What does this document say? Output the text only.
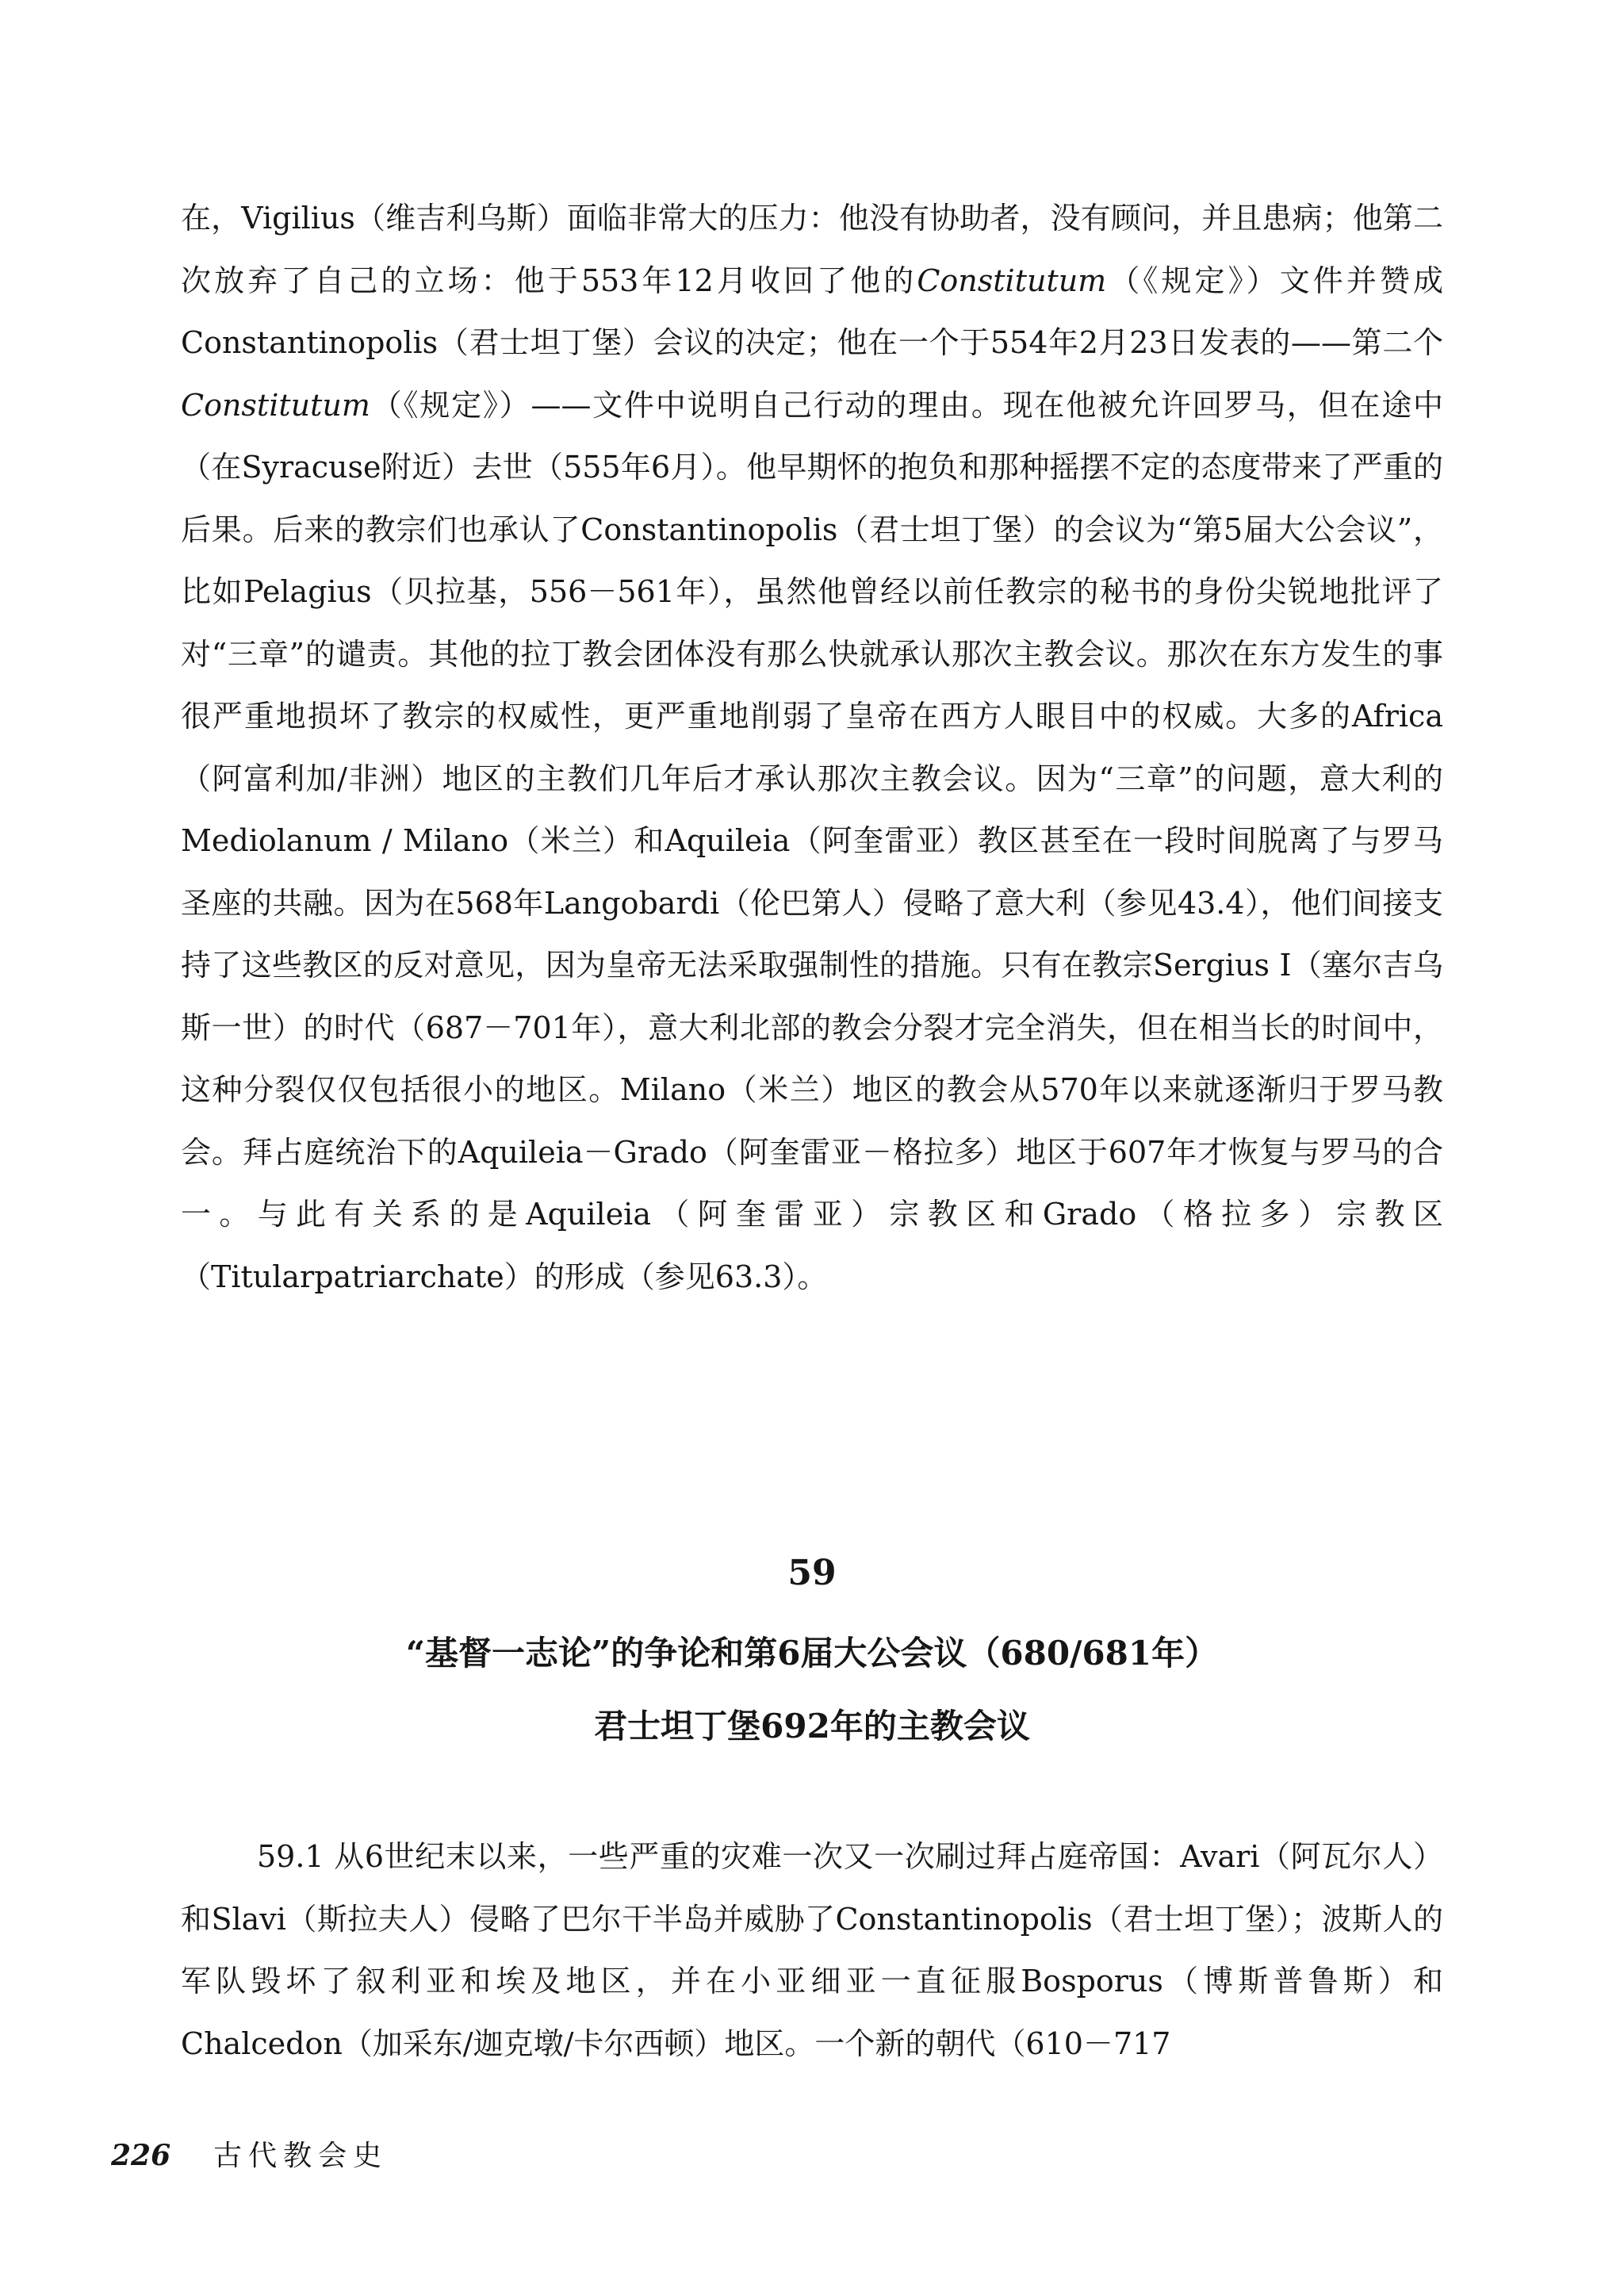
在，Vigilius（维吉利乌斯）面临非常大的压力：他没有协助者，没有顾问，并且患病；他第二次放弃了自己的立场：他于553年12月收回了他的Constitutum（《规定》）文件并赞成Constantinopolis（君士坦丁堡）会议的决定；他在一个于554年2月23日发表的——第二个Constitutum（《规定》）——文件中说明自己行动的理由。现在他被允许回罗马，但在途中（在Syracuse附近）去世（555年6月）。他早期怀的抱负和那种摇摆不定的态度带来了严重的后果。后来的教宗们也承认了Constantinopolis（君士坦丁堡）的会议为“第5届大公会议”，比如Pelagius（贝拉基，556－561年），虽然他曾经以前任教宗的秘书的身份尖锐地批评了对“三章”的谴责。其他的拉丁教会团体没有那么快就承认那次主教会议。那次在东方发生的事很严重地损坏了教宗的权威性，更严重地削弱了皇帝在西方人眼目中的权威。大多的Africa（阿富利加/非洲）地区的主教们几年后才承认那次主教会议。因为“三章”的问题，意大利的Mediolanum / Milano（米兰）和Aquileia（阿奎雷亚）教区甚至在一段时间脱离了与罗马圣座的共融。因为在568年Langobardi（伦巴第人）侵略了意大利（参见43.4），他们间接支持了这些教区的反对意见，因为皇帝无法采取强制性的措施。只有在教宗Sergius I（塞尔吉乌斯一世）的时代（687－701年），意大利北部的教会分裂才完全消失，但在相当长的时间中，这种分裂仅仅包括很小的地区。Milano（米兰）地区的教会从570年以来就逐渐归于罗马教会。拜占庭统治下的Aquileia－Grado（阿奎雷亚－格拉多）地区于607年才恢复与罗马的合一。与此有关系的是Aquileia（阿奎雷亚）宗教区和Grado（格拉多）宗教区（Titularpatriarchate）的形成（参见63.3）。

59
“基督一志论”的争论和第6届大公会议（680/681年）
君士坦丁堡692年的主教会议

59.1 从6世纪末以来，一些严重的灾难一次又一次刷过拜占庭帝国：Avari（阿瓦尔人）和Slavi（斯拉夫人）侵略了巴尔干半岛并威胁了Constantinopolis（君士坦丁堡）；波斯人的军队毁坏了叙利亚和埃及地区，并在小亚细亚一直征服Bosporus（博斯普鲁斯）和Chalcedon（加采东/迦克墩/卡尔西顿）地区。一个新的朝代（610－717

226 古代教会史
